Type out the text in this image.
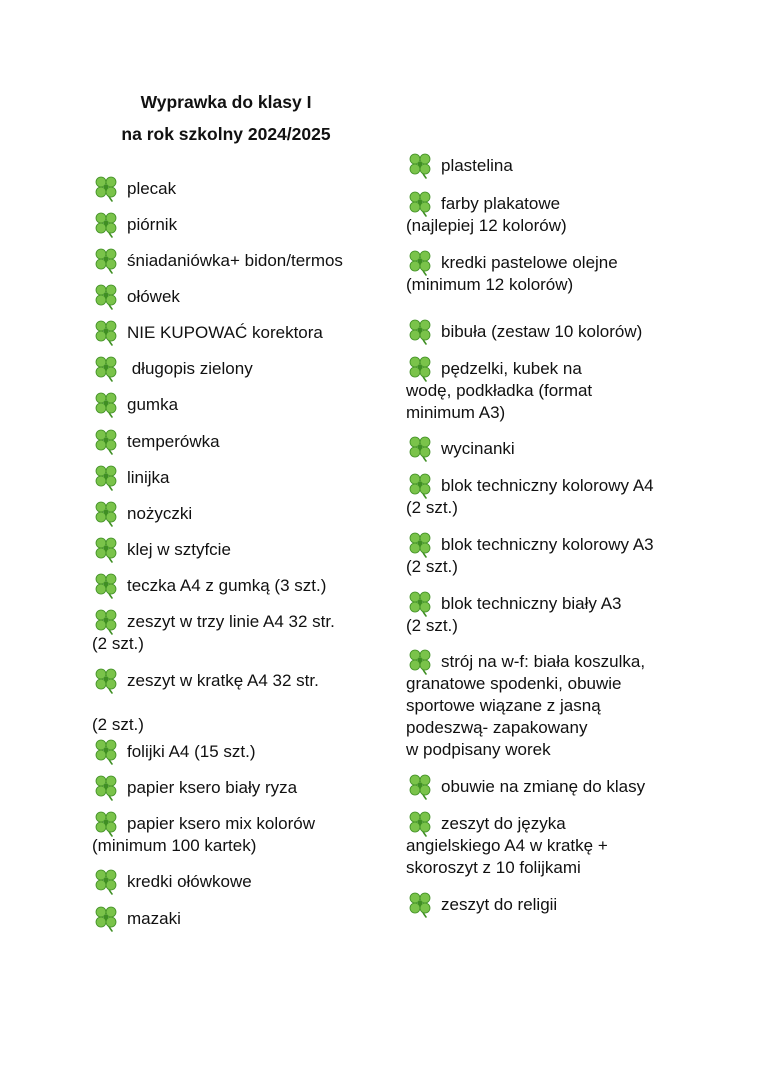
Wyprawka do klasy I
na rok szkolny 2024/2025
plecak
piórnik
śniadaniówka+ bidon/termos
ołówek
NIE KUPOWAĆ korektora
długopis zielony
gumka
temperówka
linijka
nożyczki
klej w sztyfcie
teczka A4 z gumką (3 szt.)
zeszyt w trzy linie A4 32 str.
(2 szt.)
zeszyt w kratkę A4 32 str.
(2 szt.)
folijki A4 (15 szt.)
papier ksero biały ryza
papier ksero mix kolorów
(minimum 100 kartek)
kredki ołówkowe
mazaki
plastelina
farby plakatowe
(najlepiej 12 kolorów)
kredki pastelowe olejne
(minimum 12 kolorów)
bibuła (zestaw 10 kolorów)
pędzelki, kubek na
wodę, podkładka (format
minimum A3)
wycinanki
blok techniczny kolorowy A4
(2 szt.)
blok techniczny kolorowy A3
(2 szt.)
blok techniczny biały A3
(2 szt.)
strój na w-f: biała koszulka,
granatowe spodenki, obuwie
sportowe wiązane z jasną
podeszwą- zapakowany
w podpisany worek
obuwie na zmianę do klasy
zeszyt do języka
angielskiego A4 w kratkę +
skoroszyt z 10 folijkami
zeszyt do religii
